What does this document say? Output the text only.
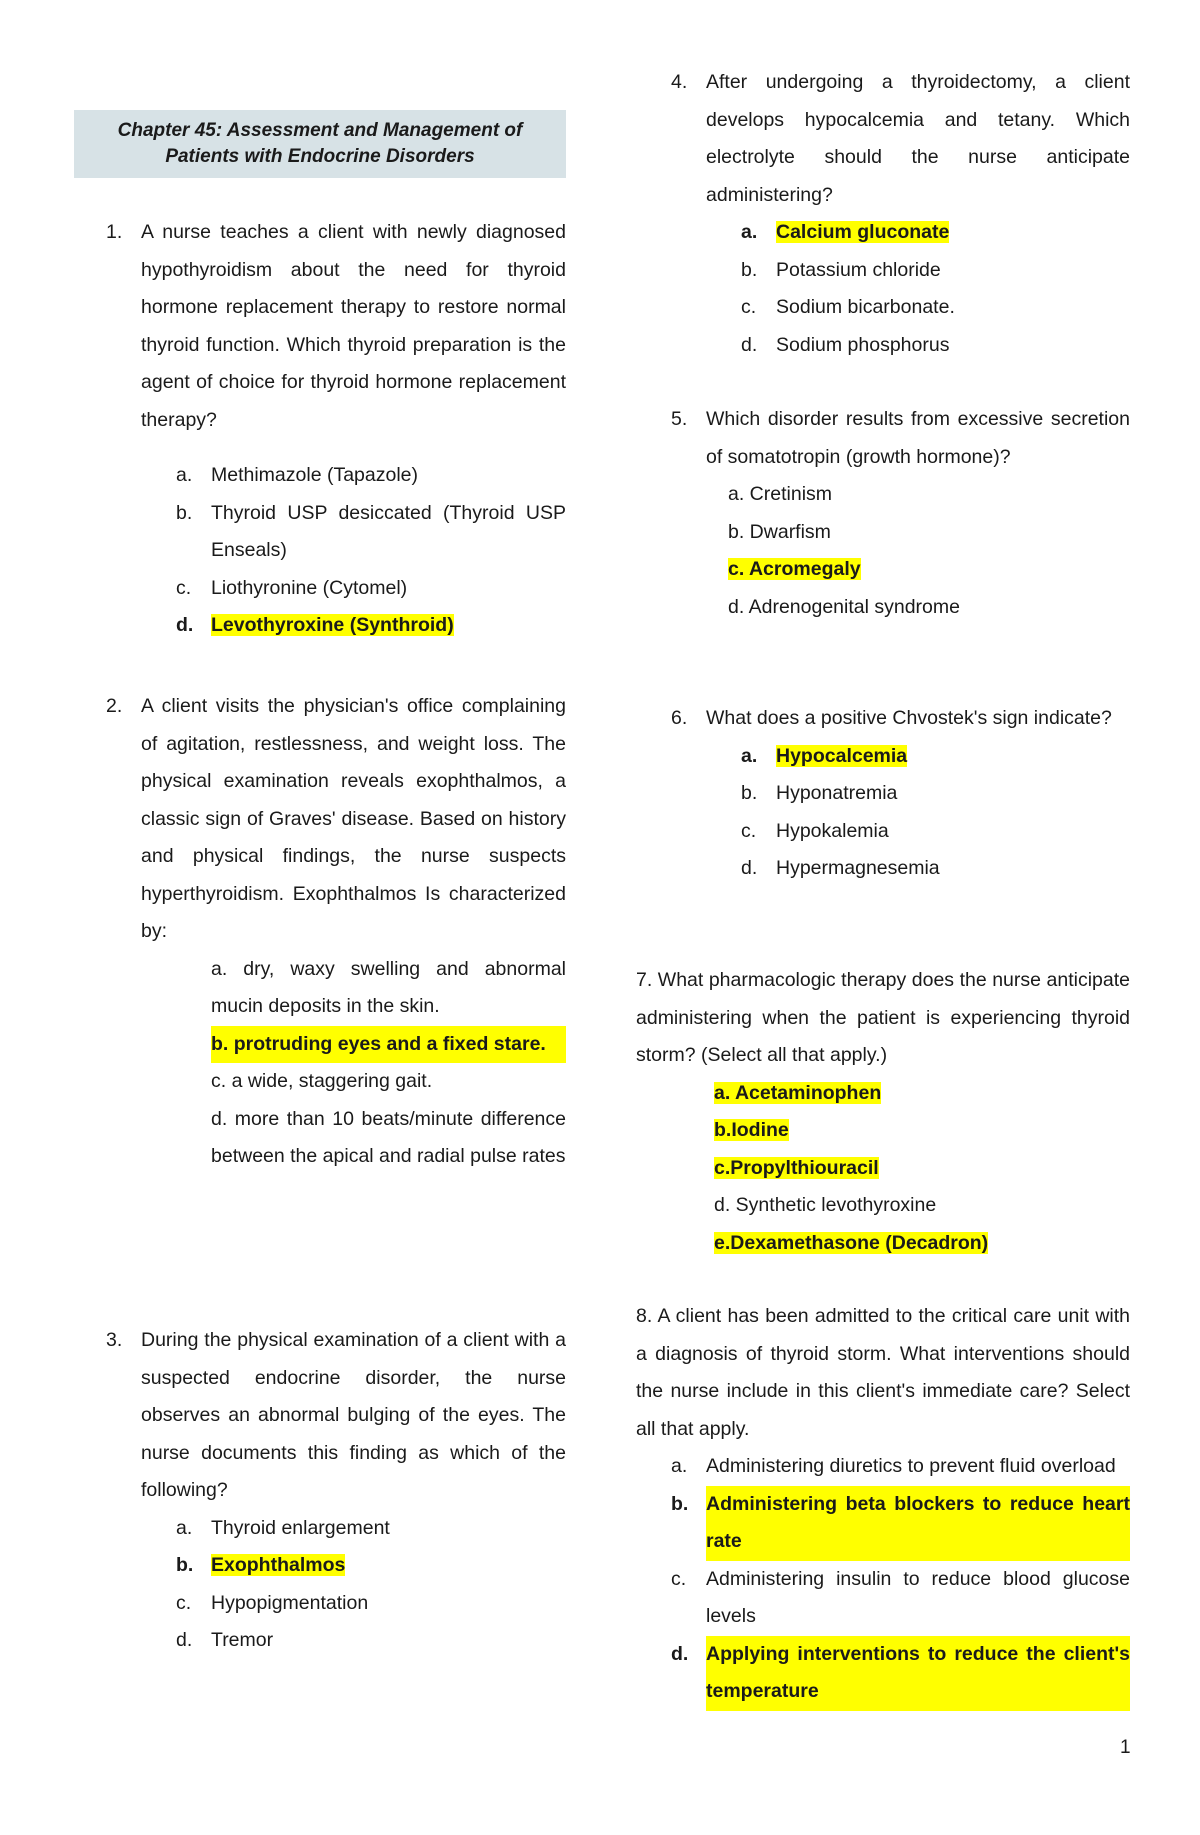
Chapter 45: Assessment and Management of
Patients with Endocrine Disorders
1. A nurse teaches a client with newly diagnosed hypothyroidism about the need for thyroid hormone replacement therapy to restore normal thyroid function. Which thyroid preparation is the agent of choice for thyroid hormone replacement therapy?
a. Methimazole (Tapazole)
b. Thyroid USP desiccated (Thyroid USP Enseals)
c. Liothyronine (Cytomel)
d. Levothyroxine (Synthroid)
2. A client visits the physician's office complaining of agitation, restlessness, and weight loss. The physical examination reveals exophthalmos, a classic sign of Graves' disease. Based on history and physical findings, the nurse suspects hyperthyroidism. Exophthalmos Is characterized by:
a. dry, waxy swelling and abnormal mucin deposits in the skin.
b. protruding eyes and a fixed stare.
c. a wide, staggering gait.
d. more than 10 beats/minute difference between the apical and radial pulse rates
3. During the physical examination of a client with a suspected endocrine disorder, the nurse observes an abnormal bulging of the eyes. The nurse documents this finding as which of the following?
a. Thyroid enlargement
b. Exophthalmos
c. Hypopigmentation
d. Tremor
4. After undergoing a thyroidectomy, a client develops hypocalcemia and tetany. Which electrolyte should the nurse anticipate administering?
a. Calcium gluconate
b. Potassium chloride
c. Sodium bicarbonate.
d. Sodium phosphorus
5. Which disorder results from excessive secretion of somatotropin (growth hormone)?
a. Cretinism
b. Dwarfism
c. Acromegaly
d. Adrenogenital syndrome
6. What does a positive Chvostek's sign indicate?
a. Hypocalcemia
b. Hyponatremia
c. Hypokalemia
d. Hypermagnesemia
7. What pharmacologic therapy does the nurse anticipate administering when the patient is experiencing thyroid storm? (Select all that apply.)
a. Acetaminophen
b.Iodine
c.Propylthiouracil
d. Synthetic levothyroxine
e.Dexamethasone (Decadron)
8. A client has been admitted to the critical care unit with a diagnosis of thyroid storm. What interventions should the nurse include in this client's immediate care? Select all that apply.
a. Administering diuretics to prevent fluid overload
b. Administering beta blockers to reduce heart rate
c. Administering insulin to reduce blood glucose levels
d. Applying interventions to reduce the client's temperature
1
